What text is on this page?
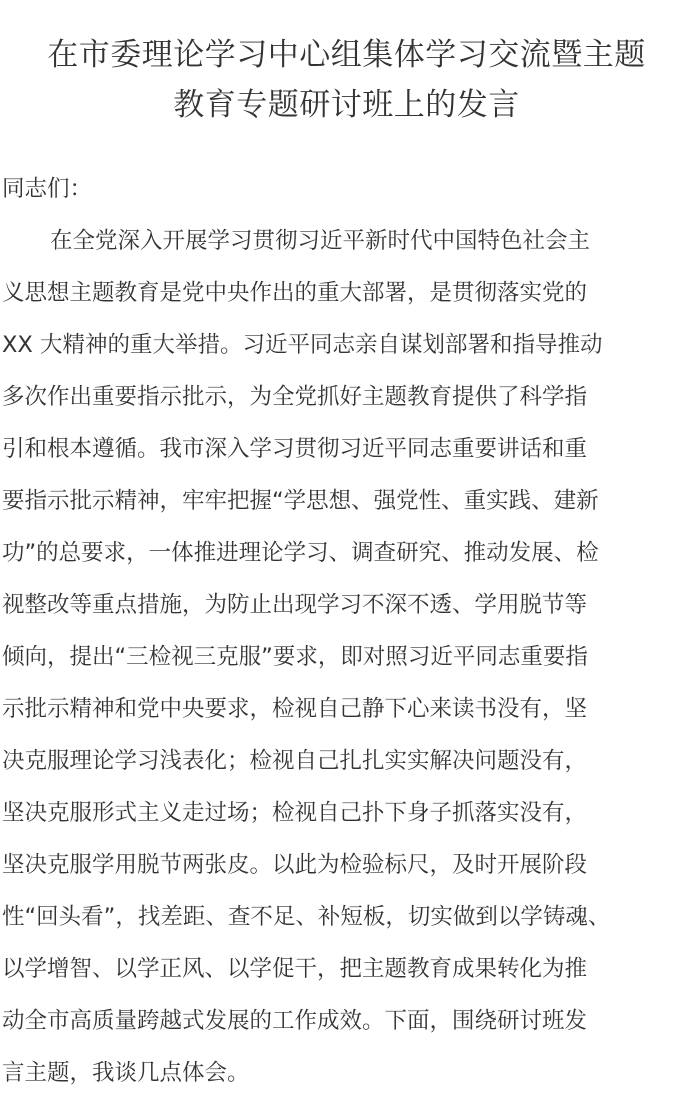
在市委理论学习中心组集体学习交流暨主题
教育专题研讨班上的发言
同志们：
在全党深入开展学习贯彻习近平新时代中国特色社会主
义思想主题教育是党中央作出的重大部署，是贯彻落实党的
XX 大精神的重大举措。习近平同志亲自谋划部署和指导推动
多次作出重要指示批示，为全党抓好主题教育提供了科学指
引和根本遵循。我市深入学习贯彻习近平同志重要讲话和重
要指示批示精神，牢牢把握“学思想、强党性、重实践、建新
功”的总要求，一体推进理论学习、调查研究、推动发展、检
视整改等重点措施，为防止出现学习不深不透、学用脱节等
倾向，提出“三检视三克服”要求，即对照习近平同志重要指
示批示精神和党中央要求，检视自己静下心来读书没有，坚
决克服理论学习浅表化；检视自己扎扎实实解决问题没有，
坚决克服形式主义走过场；检视自己扑下身子抓落实没有，
坚决克服学用脱节两张皮。以此为检验标尺，及时开展阶段
性“回头看”，找差距、查不足、补短板，切实做到以学铸魂、
以学增智、以学正风、以学促干，把主题教育成果转化为推
动全市高质量跨越式发展的工作成效。下面，围绕研讨班发
言主题，我谈几点体会。
